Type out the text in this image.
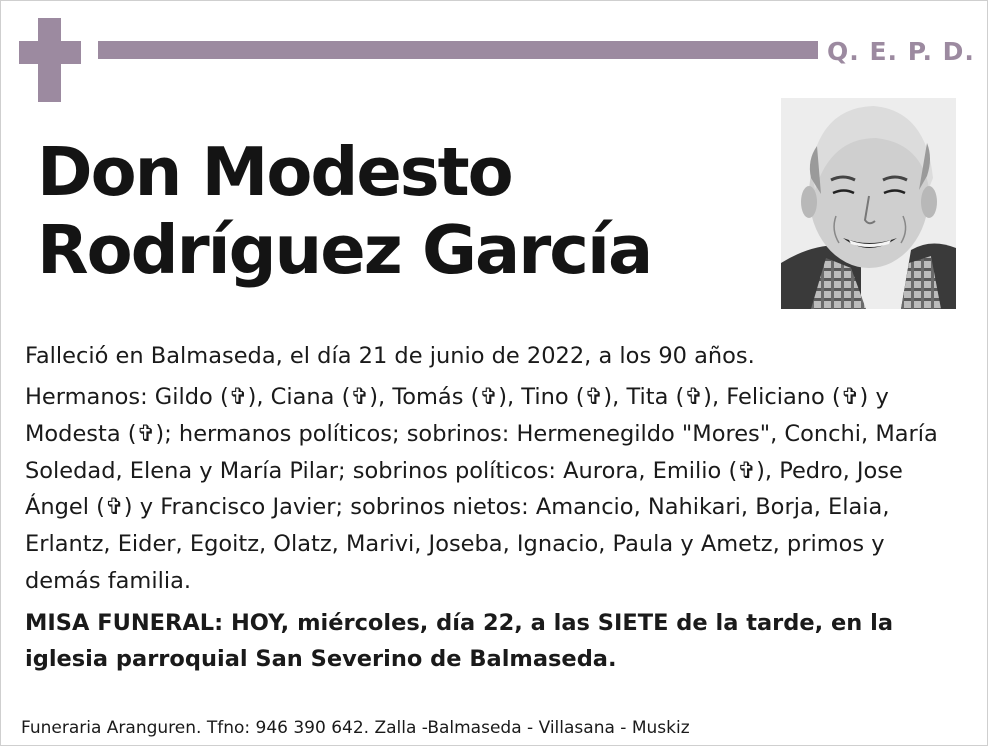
Q. E. P. D.
Don Modesto
Rodríguez García

Falleció en Balmaseda, el día 21 de junio de 2022, a los 90 años.

Hermanos: Gildo (✞), Ciana (✞), Tomás (✞), Tino (✞), Tita (✞), Feliciano (✞) y Modesta (✞); hermanos políticos; sobrinos: Hermenegildo "Mores", Conchi, María Soledad, Elena y María Pilar; sobrinos políticos: Aurora, Emilio (✞), Pedro, Jose Ángel (✞) y Francisco Javier; sobrinos nietos: Amancio, Nahikari, Borja, Elaia, Erlantz, Eider, Egoitz, Olatz, Marivi, Joseba, Ignacio, Paula y Ametz, primos y demás familia.

MISA FUNERAL: HOY, miércoles, día 22, a las SIETE de la tarde, en la iglesia parroquial San Severino de Balmaseda.

Funeraria Aranguren. Tfno: 946 390 642. Zalla -Balmaseda - Villasana - Muskiz
